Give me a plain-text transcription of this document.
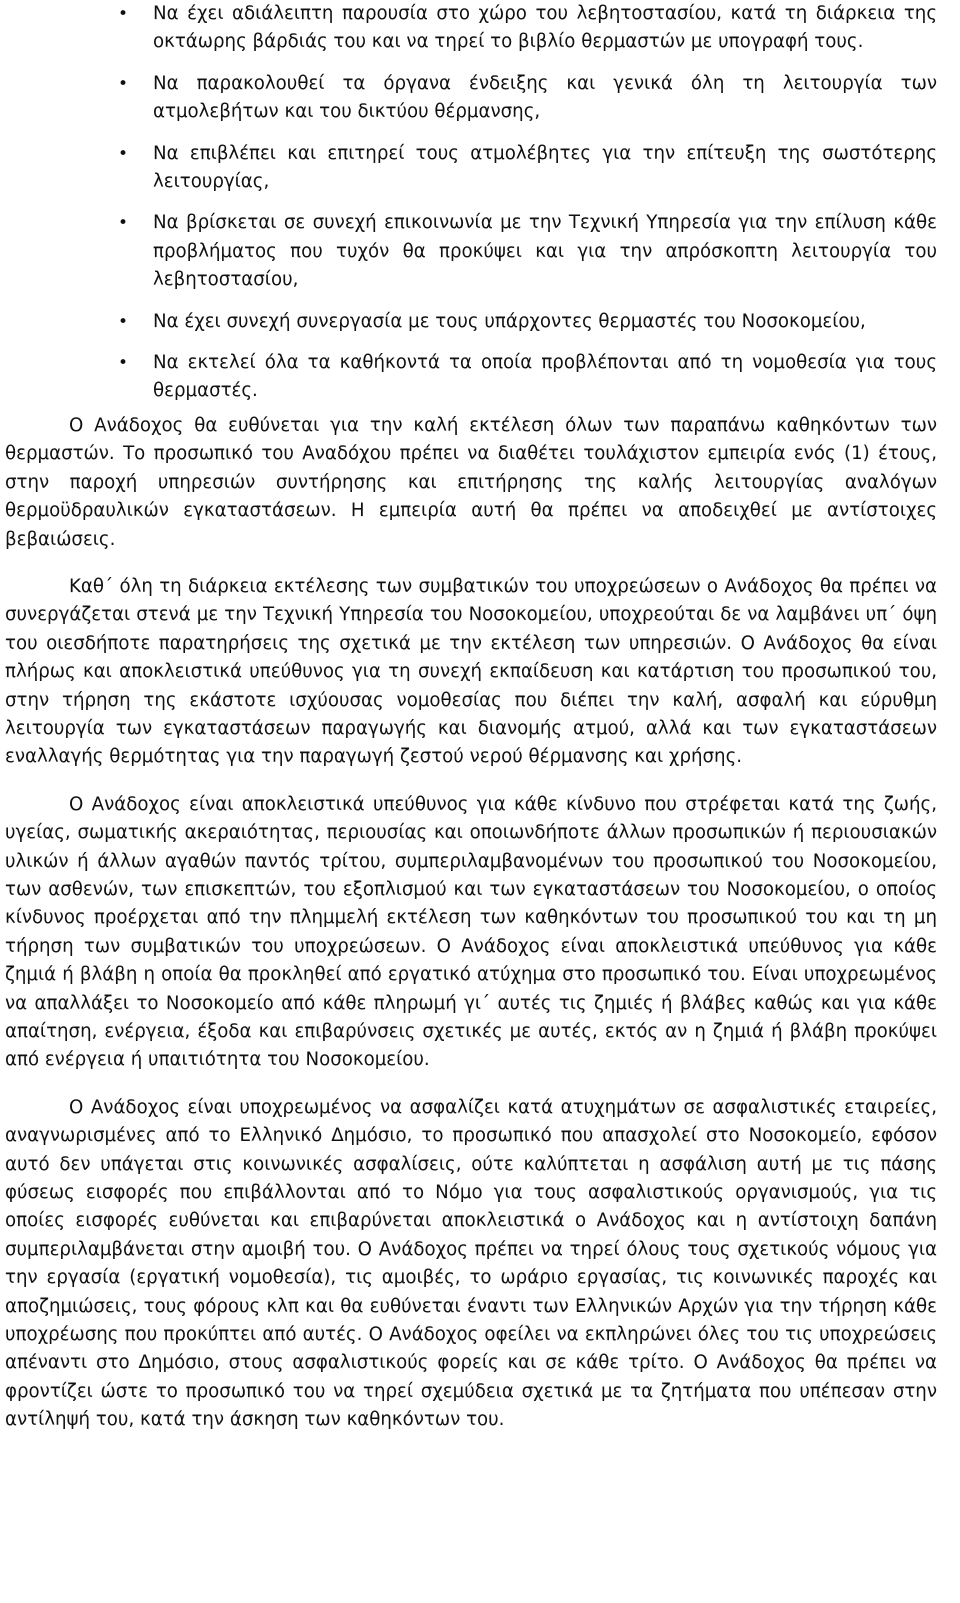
• Να έχει αδιάλειπτη παρουσία στο χώρο του λεβητοστασίου, κατά τη διάρκεια της οκτάωρης βάρδιάς του και να τηρεί το βιβλίο θερμαστών με υπογραφή τους.
• Να παρακολουθεί τα όργανα ένδειξης και γενικά όλη τη λειτουργία των ατμολεβήτων και του δικτύου θέρμανσης,
• Να επιβλέπει και επιτηρεί τους ατμολέβητες για την επίτευξη της σωστότερης λειτουργίας,
• Να βρίσκεται σε συνεχή επικοινωνία με την Τεχνική Υπηρεσία για την επίλυση κάθε προβλήματος που τυχόν θα προκύψει και για την απρόσκοπτη λειτουργία του λεβητοστασίου,
• Να έχει συνεχή συνεργασία με τους υπάρχοντες θερμαστές του Νοσοκομείου,
• Να εκτελεί όλα τα καθήκοντά τα οποία προβλέπονται από τη νομοθεσία για τους θερμαστές.

Ο Ανάδοχος θα ευθύνεται για την καλή εκτέλεση όλων των παραπάνω καθηκόντων των θερμαστών. Το προσωπικό του Αναδόχου πρέπει να διαθέτει τουλάχιστον εμπειρία ενός (1) έτους, στην παροχή υπηρεσιών συντήρησης και επιτήρησης της καλής λειτουργίας αναλόγων θερμοϋδραυλικών εγκαταστάσεων. Η εμπειρία αυτή θα πρέπει να αποδειχθεί με αντίστοιχες βεβαιώσεις.

Καθ΄ όλη τη διάρκεια εκτέλεσης των συμβατικών του υποχρεώσεων ο Ανάδοχος θα πρέπει να συνεργάζεται στενά με την Τεχνική Υπηρεσία του Νοσοκομείου, υποχρεούται δε να λαμβάνει υπ΄ όψη του οιεσδήποτε παρατηρήσεις της σχετικά με την εκτέλεση των υπηρεσιών. Ο Ανάδοχος θα είναι πλήρως και αποκλειστικά υπεύθυνος για τη συνεχή εκπαίδευση και κατάρτιση του προσωπικού του, στην τήρηση της εκάστοτε ισχύουσας νομοθεσίας που διέπει την καλή, ασφαλή και εύρυθμη λειτουργία των εγκαταστάσεων παραγωγής και διανομής ατμού, αλλά και των εγκαταστάσεων εναλλαγής θερμότητας για την παραγωγή ζεστού νερού θέρμανσης και χρήσης.

Ο Ανάδοχος είναι αποκλειστικά υπεύθυνος για κάθε κίνδυνο που στρέφεται κατά της ζωής, υγείας, σωματικής ακεραιότητας, περιουσίας και οποιωνδήποτε άλλων προσωπικών ή περιουσιακών υλικών ή άλλων αγαθών παντός τρίτου, συμπεριλαμβανομένων του προσωπικού του Νοσοκομείου, των ασθενών, των επισκεπτών, του εξοπλισμού και των εγκαταστάσεων του Νοσοκομείου, ο οποίος κίνδυνος προέρχεται από την πλημμελή εκτέλεση των καθηκόντων του προσωπικού του και τη μη τήρηση των συμβατικών του υποχρεώσεων. Ο Ανάδοχος είναι αποκλειστικά υπεύθυνος για κάθε ζημιά ή βλάβη η οποία θα προκληθεί από εργατικό ατύχημα στο προσωπικό του. Είναι υποχρεωμένος να απαλλάξει το Νοσοκομείο από κάθε πληρωμή γι΄ αυτές τις ζημιές ή βλάβες καθώς και για κάθε απαίτηση, ενέργεια, έξοδα και επιβαρύνσεις σχετικές με αυτές, εκτός αν η ζημιά ή βλάβη προκύψει από ενέργεια ή υπαιτιότητα του Νοσοκομείου.

Ο Ανάδοχος είναι υποχρεωμένος να ασφαλίζει κατά ατυχημάτων σε ασφαλιστικές εταιρείες, αναγνωρισμένες από το Ελληνικό Δημόσιο, το προσωπικό που απασχολεί στο Νοσοκομείο, εφόσον αυτό δεν υπάγεται στις κοινωνικές ασφαλίσεις, ούτε καλύπτεται η ασφάλιση αυτή με τις πάσης φύσεως εισφορές που επιβάλλονται από το Νόμο για τους ασφαλιστικούς οργανισμούς, για τις οποίες εισφορές ευθύνεται και επιβαρύνεται αποκλειστικά ο Ανάδοχος και η αντίστοιχη δαπάνη συμπεριλαμβάνεται στην αμοιβή του. Ο Ανάδοχος πρέπει να τηρεί όλους τους σχετικούς νόμους για την εργασία (εργατική νομοθεσία), τις αμοιβές, το ωράριο εργασίας, τις κοινωνικές παροχές και αποζημιώσεις, τους φόρους κλπ και θα ευθύνεται έναντι των Ελληνικών Αρχών για την τήρηση κάθε υποχρέωσης που προκύπτει από αυτές. Ο Ανάδοχος οφείλει να εκπληρώνει όλες του τις υποχρεώσεις απέναντι στο Δημόσιο, στους ασφαλιστικούς φορείς και σε κάθε τρίτο. Ο Ανάδοχος θα πρέπει να φροντίζει ώστε το προσωπικό του να τηρεί σχεμύδεια σχετικά με τα ζητήματα που υπέπεσαν στην αντίληψή του, κατά την άσκηση των καθηκόντων του.
